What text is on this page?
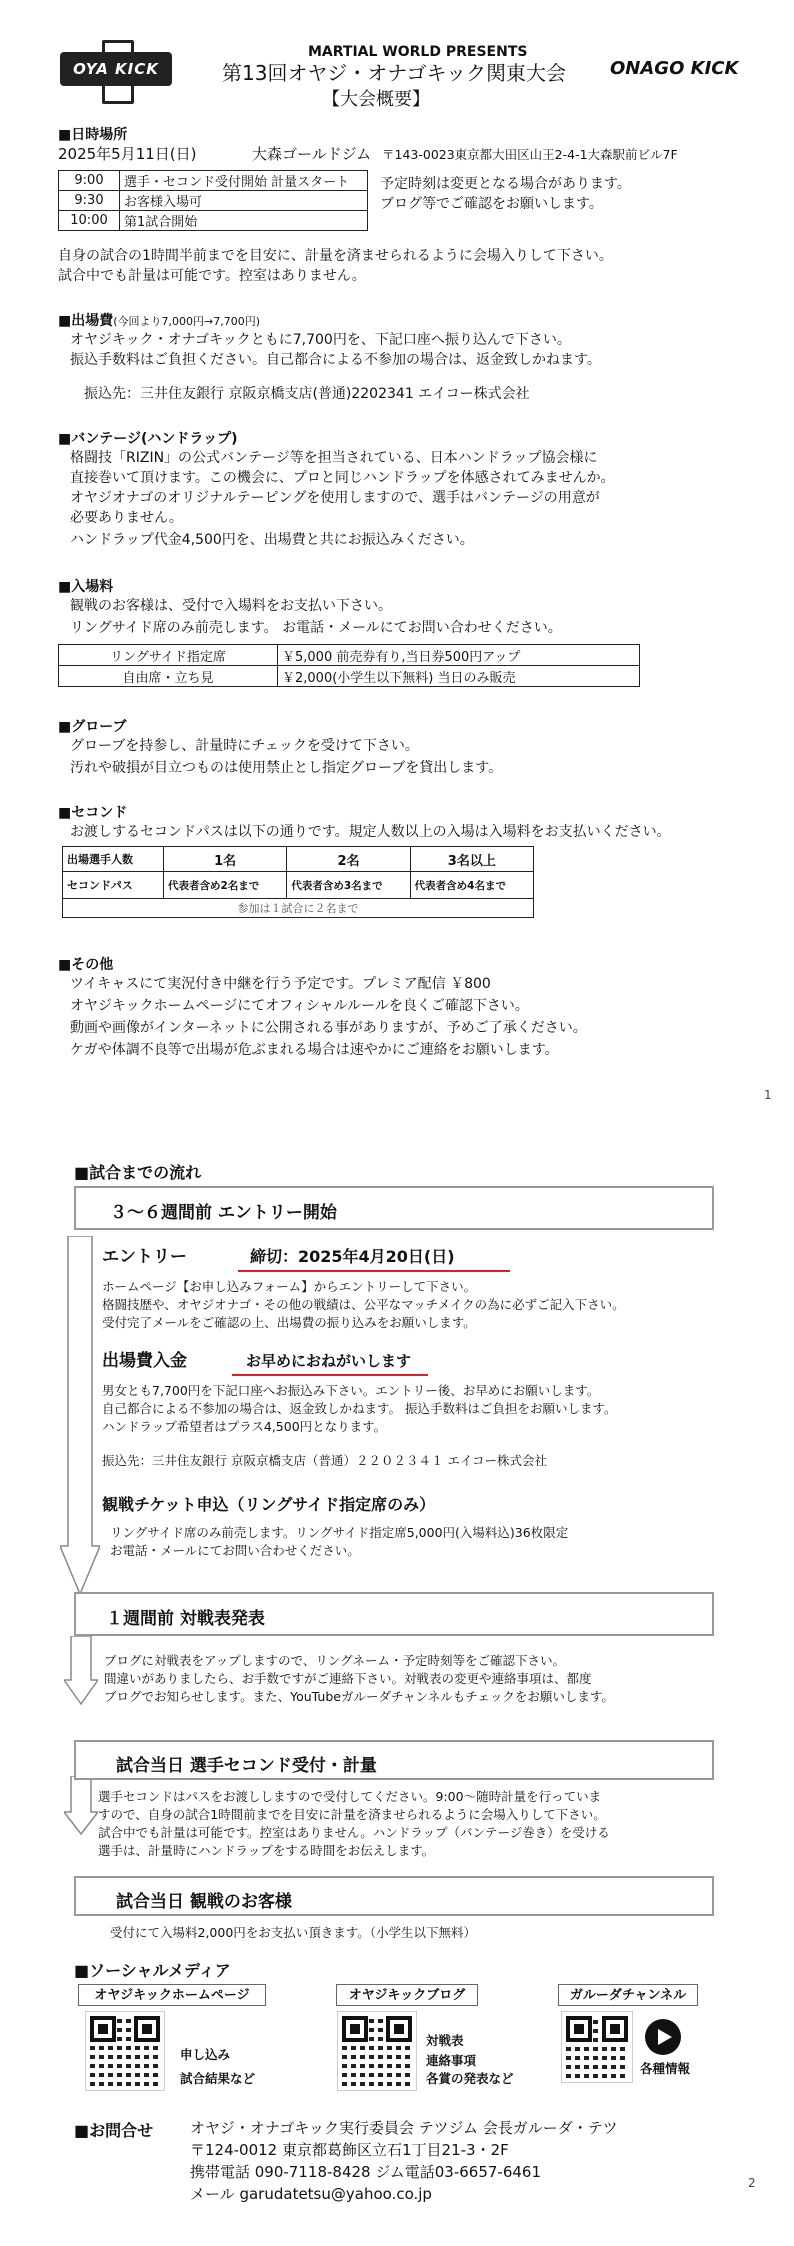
OYA KICK
MARTIAL WORLD PRESENTS
第13回オヤジ・オナゴキック関東大会
【大会概要】
ONAGO KICK
■日時場所
2025年5月11日(日)	大森ゴールドジム 〒143-0023東京都大田区山王2-4-1大森駅前ビル7F
9:00	選手・セコンド受付開始 計量スタート
9:30	お客様入場可
10:00	第1試合開始
予定時刻は変更となる場合があります。
ブログ等でご確認をお願いします。
自身の試合の1時間半前までを目安に、計量を済ませられるように会場入りして下さい。
試合中でも計量は可能です。控室はありません。
■出場費(今回より7,000円→7,700円)
オヤジキック・オナゴキックともに7,700円を、下記口座へ振り込んで下さい。
振込手数料はご負担ください。自己都合による不参加の場合は、返金致しかねます。
振込先：三井住友銀行 京阪京橋支店(普通)2202341 エイコー株式会社
■バンテージ(ハンドラップ)
格闘技「RIZIN」の公式バンテージ等を担当されている、日本ハンドラップ協会様に
直接巻いて頂けます。この機会に、プロと同じハンドラップを体感されてみませんか。
オヤジオナゴのオリジナルテーピングを使用しますので、選手はバンテージの用意が
必要ありません。
ハンドラップ代金4,500円を、出場費と共にお振込みください。
■入場料
観戦のお客様は、受付で入場料をお支払い下さい。
リングサイド席のみ前売します。 お電話・メールにてお問い合わせください。
リングサイド指定席	￥5,000 前売券有り,当日券500円アップ
自由席・立ち見	￥2,000(小学生以下無料) 当日のみ販売
■グローブ
グローブを持参し、計量時にチェックを受けて下さい。
汚れや破損が目立つものは使用禁止とし指定グローブを貸出します。
■セコンド
お渡しするセコンドパスは以下の通りです。規定人数以上の入場は入場料をお支払いください。
出場選手人数	1名	2名	3名以上
セコンドパス	代表者含め2名まで	代表者含め3名まで	代表者含め4名まで
参加は１試合に２名まで			
■その他
ツイキャスにて実況付き中継を行う予定です。プレミア配信 ￥800
オヤジキックホームページにてオフィシャルルールを良くご確認下さい。
動画や画像がインターネットに公開される事がありますが、予めご了承ください。
ケガや体調不良等で出場が危ぶまれる場合は速やかにご連絡をお願いします。
1
■試合までの流れ
３～６週間前 エントリー開始
エントリー	締切：2025年4月20日(日)
ホームページ【お申し込みフォーム】からエントリーして下さい。
格闘技歴や、オヤジオナゴ・その他の戦績は、公平なマッチメイクの為に必ずご記入下さい。
受付完了メールをご確認の上、出場費の振り込みをお願いします。
出場費入金	お早めにおねがいします
男女とも7,700円を下記口座へお振込み下さい。エントリー後、お早めにお願いします。
自己都合による不参加の場合は、返金致しかねます。 振込手数料はご負担をお願いします。
ハンドラップ希望者はプラス4,500円となります。
振込先：三井住友銀行 京阪京橋支店（普通）２２０２３４１ エイコー株式会社
観戦チケット申込（リングサイド指定席のみ）
リングサイド席のみ前売します。リングサイド指定席5,000円(入場料込)36枚限定
お電話・メールにてお問い合わせください。
１週間前 対戦表発表
ブログに対戦表をアップしますので、リングネーム・予定時刻等をご確認下さい。
間違いがありましたら、お手数ですがご連絡下さい。対戦表の変更や連絡事項は、都度
ブログでお知らせします。また、YouTubeガルーダチャンネルもチェックをお願いします。
試合当日 選手セコンド受付・計量
選手セコンドはパスをお渡ししますので受付してください。9:00～随時計量を行っていま
すので、自身の試合1時間前までを目安に計量を済ませられるように会場入りして下さい。
試合中でも計量は可能です。控室はありません。ハンドラップ（バンテージ巻き）を受ける
選手は、計量時にハンドラップをする時間をお伝えします。
試合当日 観戦のお客様
受付にて入場料2,000円をお支払い頂きます。（小学生以下無料）
■ソーシャルメディア
オヤジキックホームページ
申し込み
試合結果など
オヤジキックブログ
対戦表
連絡事項
各賞の発表など
ガルーダチャンネル
各種情報
■お問合せ オヤジ・オナゴキック実行委員会 テツジム 会長ガルーダ・テツ
〒124-0012 東京都葛飾区立石1丁目21-3・2F
携帯電話 090-7118-8428 ジム電話03-6657-6461
メール garudatetsu@yahoo.co.jp
2
